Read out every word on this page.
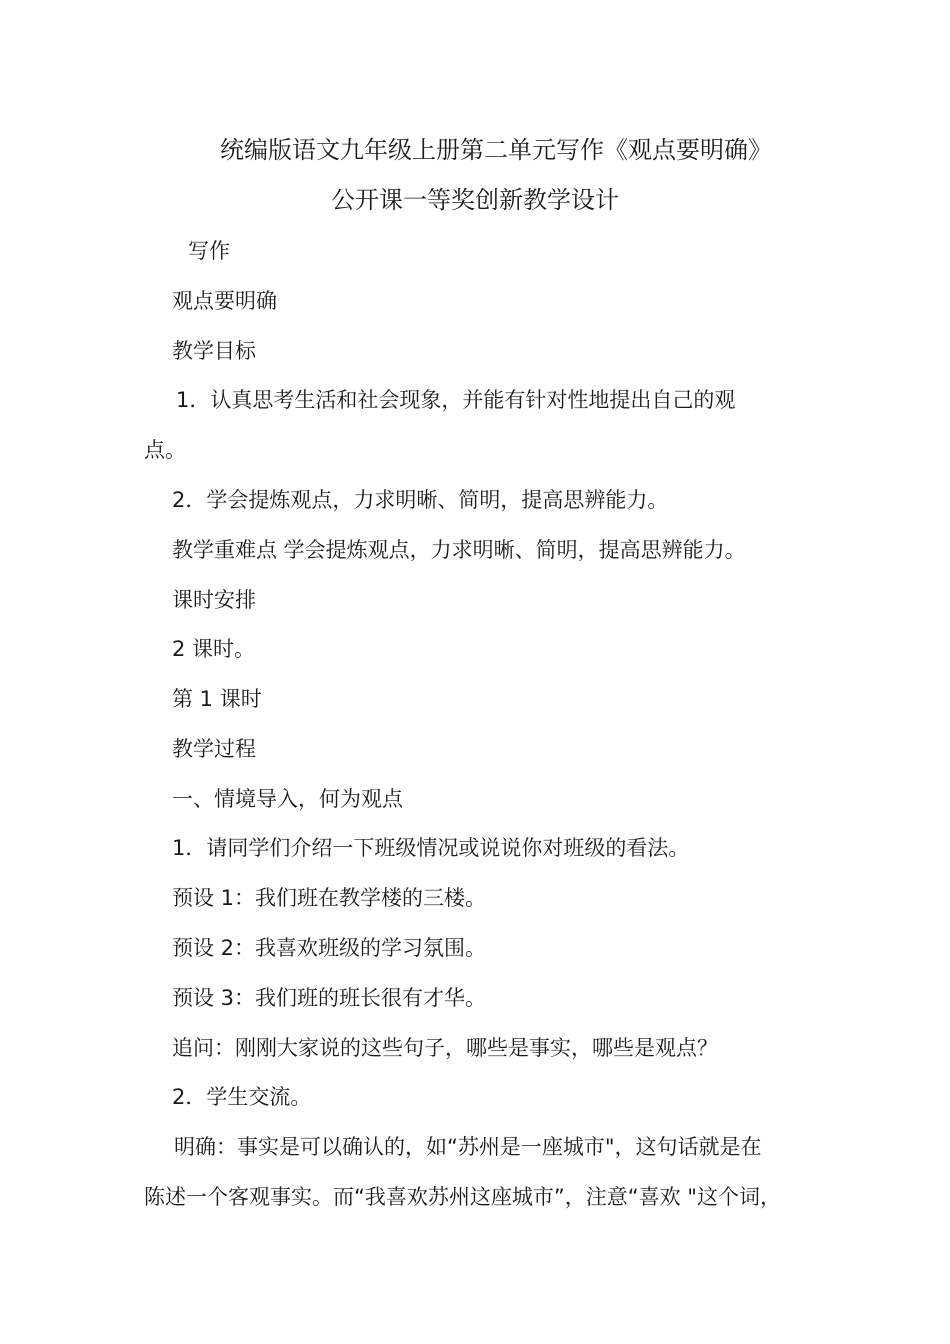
统编版语文九年级上册第二单元写作《观点要明确》
公开课一等奖创新教学设计
写作
观点要明确
教学目标
1．认真思考生活和社会现象，并能有针对性地提出自己的观
点。
2．学会提炼观点，力求明晰、简明，提高思辨能力。
教学重难点 学会提炼观点，力求明晰、简明，提高思辨能力。
课时安排
2 课时。
第 1 课时
教学过程
一、情境导入，何为观点
1．请同学们介绍一下班级情况或说说你对班级的看法。
预设 1：我们班在教学楼的三楼。
预设 2：我喜欢班级的学习氛围。
预设 3：我们班的班长很有才华。
追问：刚刚大家说的这些句子，哪些是事实，哪些是观点？
2．学生交流。
明确：事实是可以确认的，如“苏州是一座城市"，这句话就是在
陈述一个客观事实。而“我喜欢苏州这座城市”，注意“喜欢 "这个词，
